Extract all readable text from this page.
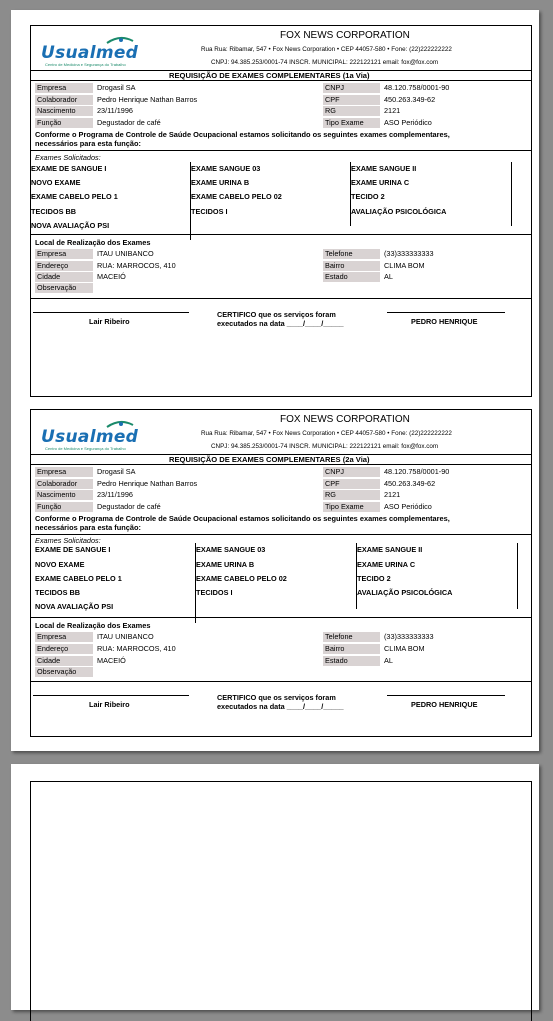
Usualmed
Centro de Medicina e Segurança do Trabalho
FOX NEWS CORPORATION
Rua Rua: Ribamar, 547 • Fox News Corporation • CEP 44057-580 • Fone: (22)222222222
CNPJ: 94.385.253/0001-74 INSCR. MUNICIPAL: 222122121 email: fox@fox.com
REQUISIÇÃO DE EXAMES COMPLEMENTARES (1a Via)
Empresa	Drogasil SA	CNPJ	48.120.758/0001-90
Colaborador	Pedro Henrique Nathan Barros	CPF	450.263.349-62
Nascimento	23/11/1996	RG	2121
Função	Degustador de café	Tipo Exame	ASO Periódico
Conforme o Programa de Controle de Saúde Ocupacional estamos solicitando os seguintes exames complementares,
necessários para esta função:
Exames Solicitados:
EXAME DE SANGUE I	EXAME SANGUE 03	EXAME SANGUE II
NOVO EXAME	EXAME URINA B	EXAME URINA C
EXAME CABELO PELO 1	EXAME CABELO PELO 02	TECIDO 2
TECIDOS BB	TECIDOS I	AVALIAÇÃO PSICOLÓGICA
NOVA AVALIAÇÃO PSI
Local de Realização dos Exames
Empresa	ITAU UNIBANCO	Telefone	(33)333333333
Endereço	RUA: MARROCOS, 410	Bairro	CLIMA BOM
Cidade	MACEIÓ	Estado	AL
Observação
CERTIFICO que os serviços foram
executados na data ____/____/_____
Lair Ribeiro	PEDRO HENRIQUE
Usualmed
Centro de Medicina e Segurança do Trabalho
FOX NEWS CORPORATION
Rua Rua: Ribamar, 547 • Fox News Corporation • CEP 44057-580 • Fone: (22)222222222
CNPJ: 94.385.253/0001-74 INSCR. MUNICIPAL: 222122121 email: fox@fox.com
REQUISIÇÃO DE EXAMES COMPLEMENTARES (2a Via)
Empresa	Drogasil SA	CNPJ	48.120.758/0001-90
Colaborador	Pedro Henrique Nathan Barros	CPF	450.263.349-62
Nascimento	23/11/1996	RG	2121
Função	Degustador de café	Tipo Exame	ASO Periódico
Conforme o Programa de Controle de Saúde Ocupacional estamos solicitando os seguintes exames complementares,
necessários para esta função:
Exames Solicitados:
EXAME DE SANGUE I	EXAME SANGUE 03	EXAME SANGUE II
NOVO EXAME	EXAME URINA B	EXAME URINA C
EXAME CABELO PELO 1	EXAME CABELO PELO 02	TECIDO 2
TECIDOS BB	TECIDOS I	AVALIAÇÃO PSICOLÓGICA
NOVA AVALIAÇÃO PSI
Local de Realização dos Exames
Empresa	ITAU UNIBANCO	Telefone	(33)333333333
Endereço	RUA: MARROCOS, 410	Bairro	CLIMA BOM
Cidade	MACEIÓ	Estado	AL
Observação
CERTIFICO que os serviços foram
executados na data ____/____/_____
Lair Ribeiro	PEDRO HENRIQUE
